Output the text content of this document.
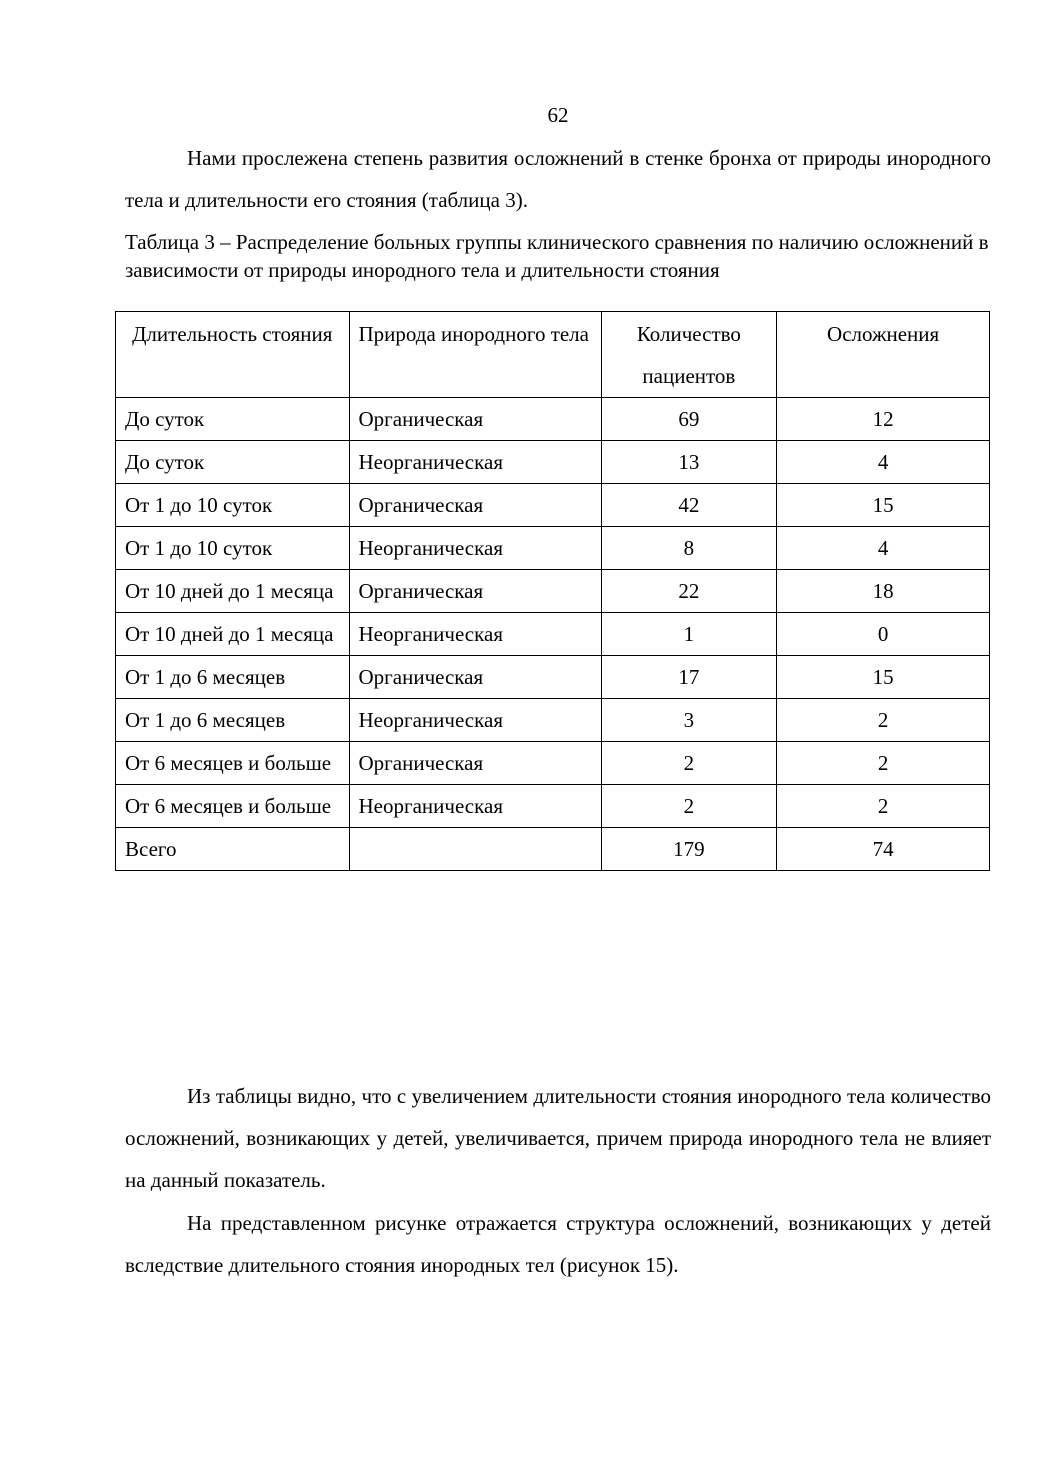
62

Нами прослежена степень развития осложнений в стенке бронха от природы инородного тела и длительности его стояния (таблица 3).

Таблица 3 – Распределение больных группы клинического сравнения по наличию осложнений в зависимости от природы инородного тела и длительности стояния

Длительность стояния	Природа инородного тела	Количество пациентов	Осложнения
До суток	Органическая	69	12
До суток	Неорганическая	13	4
От 1 до 10 суток	Органическая	42	15
От 1 до 10 суток	Неорганическая	8	4
От 10 дней до 1 месяца	Органическая	22	18
От 10 дней до 1 месяца	Неорганическая	1	0
От 1 до 6 месяцев	Органическая	17	15
От 1 до 6 месяцев	Неорганическая	3	2
От 6 месяцев и больше	Органическая	2	2
От 6 месяцев и больше	Неорганическая	2	2
Всего		179	74

Из таблицы видно, что с увеличением длительности стояния инородного тела количество осложнений, возникающих у детей, увеличивается, причем природа инородного тела не влияет на данный показатель.

На представленном рисунке отражается структура осложнений, возникающих у детей вследствие длительного стояния инородных тел (рисунок 15).
